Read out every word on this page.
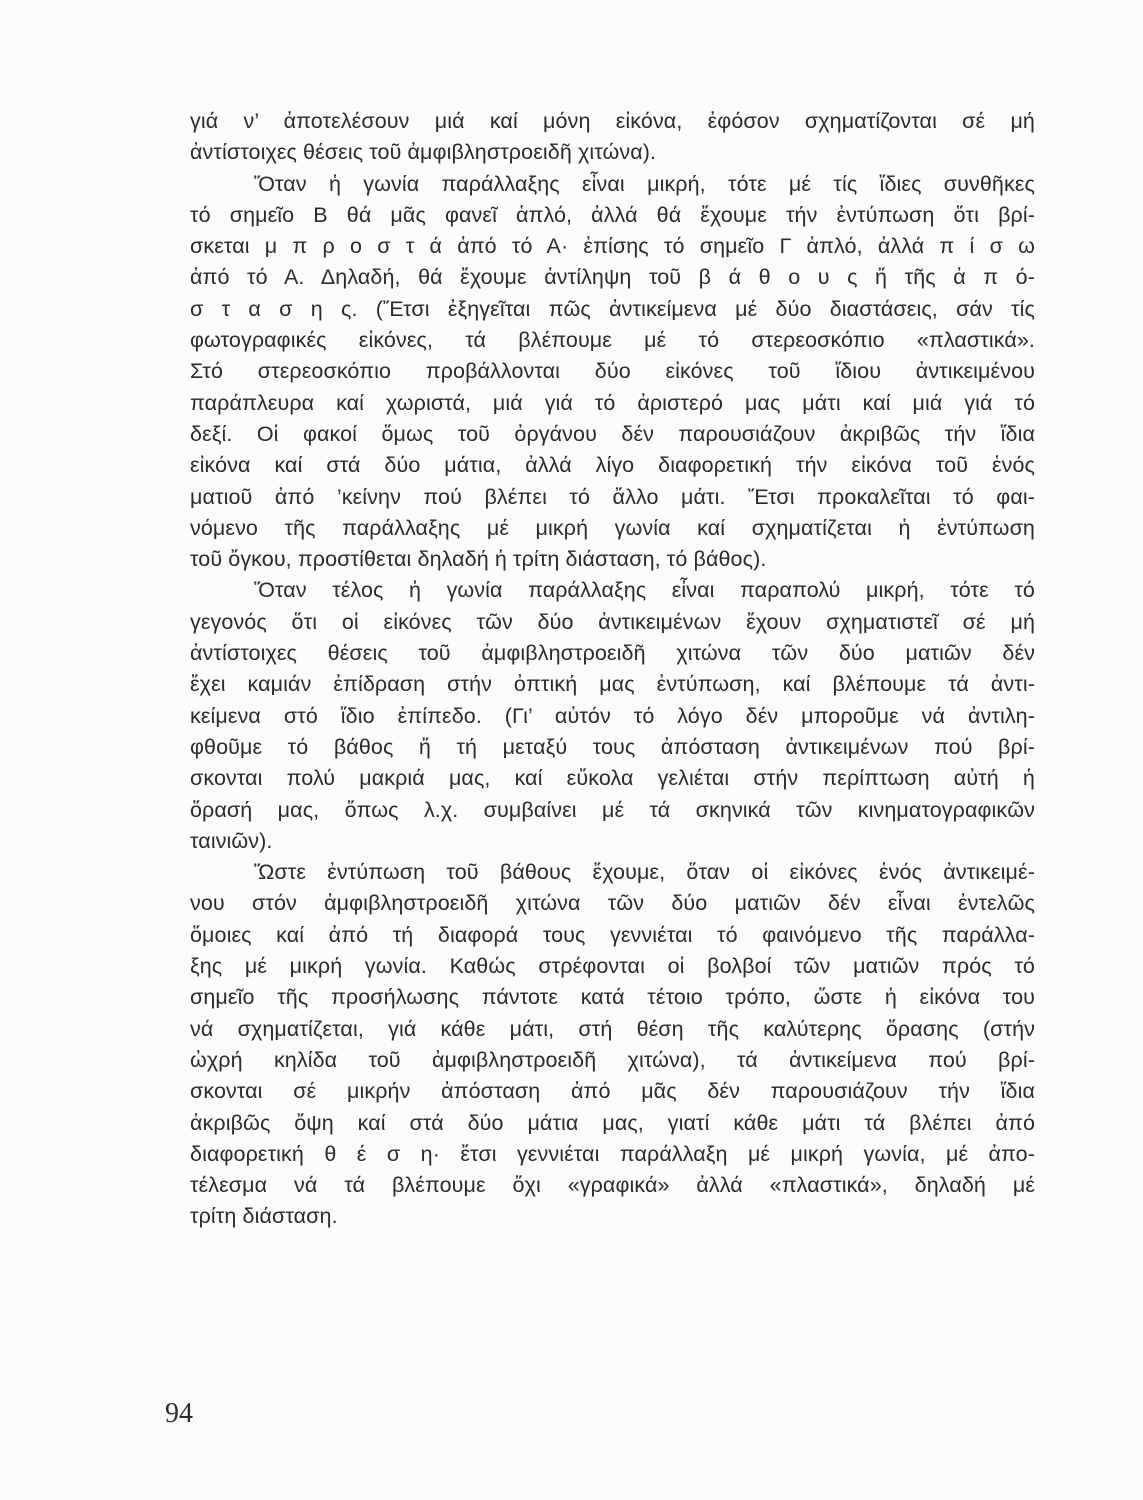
γιά ν’ ἀποτελέσουν μιά καί μόνη εἰκόνα, ἐφόσον σχηματίζονται σέ μή
ἀντίστοιχες θέσεις τοῦ ἀμφιβληστροειδῆ χιτώνα).
Ὅταν ἡ γωνία παράλλαξης εἶναι μικρή, τότε μέ τίς ἴδιες συνθῆκες
τό σημεῖο Β θά μᾶς φανεῖ ἁπλό, ἀλλά θά ἔχουμε τήν ἐντύπωση ὅτι βρί-
σκεται μ π ρ ο σ τ ά ἀπό τό Α· ἐπίσης τό σημεῖο Γ ἁπλό, ἀλλά π ί σ ω
ἀπό τό Α. Δηλαδή, θά ἔχουμε ἀντίληψη τοῦ β ά θ ο υ ς ἤ τῆς ἀ π ό-
σ τ α σ η ς. (Ἔτσι ἐξηγεῖται πῶς ἀντικείμενα μέ δύο διαστάσεις, σάν τίς
φωτογραφικές εἰκόνες, τά βλέπουμε μέ τό στερεοσκόπιο «πλαστικά».
Στό στερεοσκόπιο προβάλλονται δύο εἰκόνες τοῦ ἴδιου ἀντικειμένου
παράπλευρα καί χωριστά, μιά γιά τό ἀριστερό μας μάτι καί μιά γιά τό
δεξί. Οἱ φακοί ὅμως τοῦ ὀργάνου δέν παρουσιάζουν ἀκριβῶς τήν ἴδια
εἰκόνα καί στά δύο μάτια, ἀλλά λίγο διαφορετική τήν εἰκόνα τοῦ ἑνός
ματιοῦ ἀπό ’κείνην πού βλέπει τό ἄλλο μάτι. Ἔτσι προκαλεῖται τό φαι-
νόμενο τῆς παράλλαξης μέ μικρή γωνία καί σχηματίζεται ἡ ἐντύπωση
τοῦ ὄγκου, προστίθεται δηλαδή ἡ τρίτη διάσταση, τό βάθος).
Ὅταν τέλος ἡ γωνία παράλλαξης εἶναι παραπολύ μικρή, τότε τό
γεγονός ὅτι οἱ εἰκόνες τῶν δύο ἀντικειμένων ἔχουν σχηματιστεῖ σέ μή
ἀντίστοιχες θέσεις τοῦ ἀμφιβληστροειδῆ χιτώνα τῶν δύο ματιῶν δέν
ἔχει καμιάν ἐπίδραση στήν ὀπτική μας ἐντύπωση, καί βλέπουμε τά ἀντι-
κείμενα στό ἴδιο ἐπίπεδο. (Γι’ αὐτόν τό λόγο δέν μποροῦμε νά ἀντιλη-
φθοῦμε τό βάθος ἤ τή μεταξύ τους ἀπόσταση ἀντικειμένων πού βρί-
σκονται πολύ μακριά μας, καί εὔκολα γελιέται στήν περίπτωση αὐτή ἡ
ὅρασή μας, ὅπως λ.χ. συμβαίνει μέ τά σκηνικά τῶν κινηματογραφικῶν
ταινιῶν).
Ὥστε ἐντύπωση τοῦ βάθους ἔχουμε, ὅταν οἱ εἰκόνες ἑνός ἀντικειμέ-
νου στόν ἀμφιβληστροειδῆ χιτώνα τῶν δύο ματιῶν δέν εἶναι ἐντελῶς
ὅμοιες καί ἀπό τή διαφορά τους γεννιέται τό φαινόμενο τῆς παράλλα-
ξης μέ μικρή γωνία. Καθώς στρέφονται οἱ βολβοί τῶν ματιῶν πρός τό
σημεῖο τῆς προσήλωσης πάντοτε κατά τέτοιο τρόπο, ὥστε ἡ εἰκόνα του
νά σχηματίζεται, γιά κάθε μάτι, στή θέση τῆς καλύτερης ὅρασης (στήν
ὠχρή κηλίδα τοῦ ἀμφιβληστροειδῆ χιτώνα), τά ἀντικείμενα πού βρί-
σκονται σέ μικρήν ἀπόσταση ἀπό μᾶς δέν παρουσιάζουν τήν ἴδια
ἀκριβῶς ὄψη καί στά δύο μάτια μας, γιατί κάθε μάτι τά βλέπει ἀπό
διαφορετική θ έ σ η· ἔτσι γεννιέται παράλλαξη μέ μικρή γωνία, μέ ἀπο-
τέλεσμα νά τά βλέπουμε ὄχι «γραφικά» ἀλλά «πλαστικά», δηλαδή μέ
τρίτη διάσταση.
94
